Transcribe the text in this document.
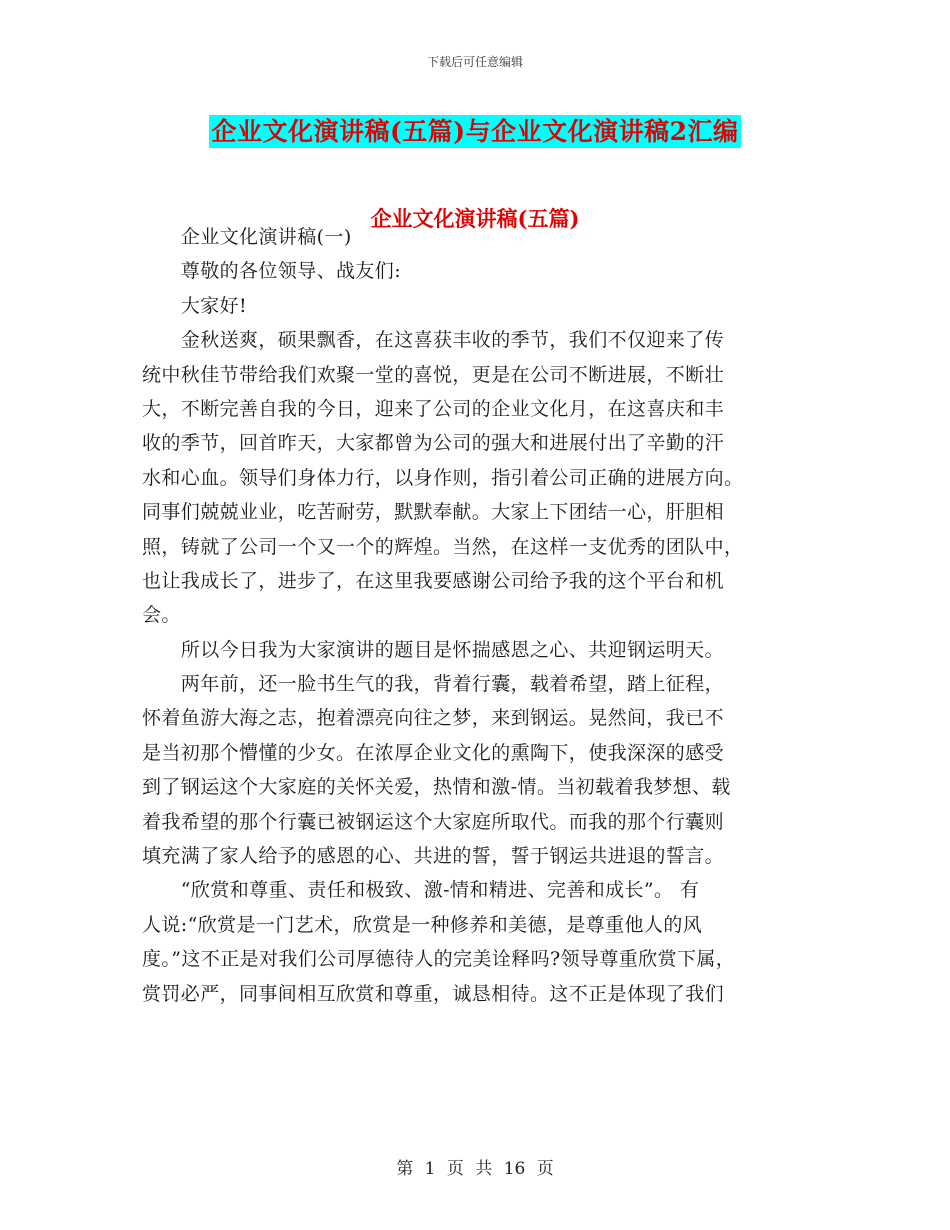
下载后可任意编辑
企业文化演讲稿(五篇)与企业文化演讲稿2汇编
企业文化演讲稿(五篇)
　　企业文化演讲稿(一)
　　尊敬的各位领导、战友们:
　　大家好!
　　金秋送爽，硕果飘香，在这喜获丰收的季节，我们不仅迎来了传
统中秋佳节带给我们欢聚一堂的喜悦，更是在公司不断进展，不断壮
大，不断完善自我的今日，迎来了公司的企业文化月，在这喜庆和丰
收的季节，回首昨天，大家都曾为公司的强大和进展付出了辛勤的汗
水和心血。领导们身体力行，以身作则，指引着公司正确的进展方向。
同事们兢兢业业，吃苦耐劳，默默奉献。大家上下团结一心，肝胆相
照，铸就了公司一个又一个的辉煌。当然，在这样一支优秀的团队中，
也让我成长了，进步了，在这里我要感谢公司给予我的这个平台和机
会。
　　所以今日我为大家演讲的题目是怀揣感恩之心、共迎钢运明天。
　　两年前，还一脸书生气的我，背着行囊，载着希望，踏上征程，
怀着鱼游大海之志，抱着漂亮向往之梦，来到钢运。晃然间，我已不
是当初那个懵懂的少女。在浓厚企业文化的熏陶下，使我深深的感受
到了钢运这个大家庭的关怀关爱，热情和激-情。当初载着我梦想、载
着我希望的那个行囊已被钢运这个大家庭所取代。而我的那个行囊则
填充满了家人给予的感恩的心、共进的誓，誓于钢运共进退的誓言。
　　“欣赏和尊重、责任和极致、激-情和精进、完善和成长”。 有
人说:“欣赏是一门艺术，欣赏是一种修养和美德，是尊重他人的风
度。”这不正是对我们公司厚德待人的完美诠释吗?领导尊重欣赏下属，
赏罚必严，同事间相互欣赏和尊重，诚恳相待。这不正是体现了我们
第 1 页 共 16 页
